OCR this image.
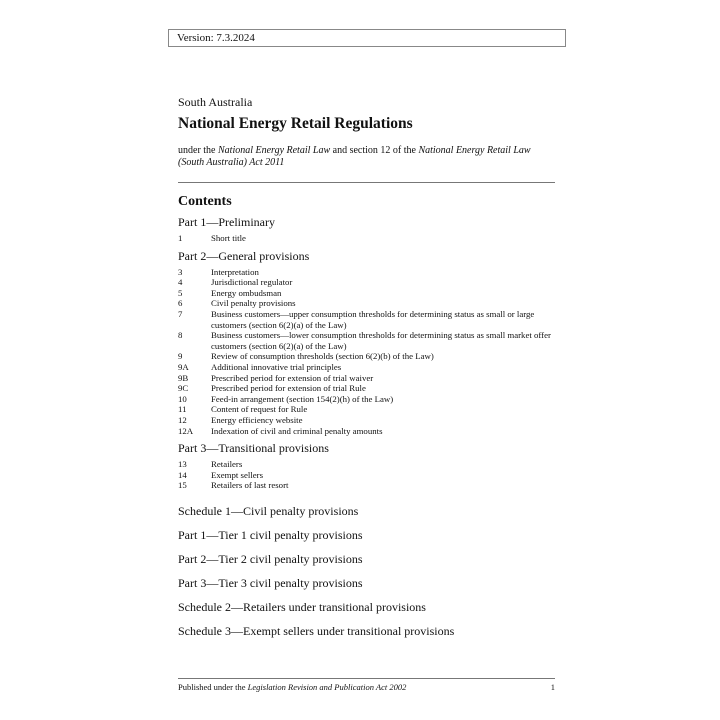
Version: 7.3.2024
South Australia
National Energy Retail Regulations
under the National Energy Retail Law and section 12 of the National Energy Retail Law (South Australia) Act 2011
Contents
Part 1—Preliminary
1	Short title
Part 2—General provisions
3	Interpretation
4	Jurisdictional regulator
5	Energy ombudsman
6	Civil penalty provisions
7	Business customers—upper consumption thresholds for determining status as small or large customers (section 6(2)(a) of the Law)
8	Business customers—lower consumption thresholds for determining status as small market offer customers (section 6(2)(a) of the Law)
9	Review of consumption thresholds (section 6(2)(b) of the Law)
9A	Additional innovative trial principles
9B	Prescribed period for extension of trial waiver
9C	Prescribed period for extension of trial Rule
10	Feed-in arrangement (section 154(2)(h) of the Law)
11	Content of request for Rule
12	Energy efficiency website
12A	Indexation of civil and criminal penalty amounts
Part 3—Transitional provisions
13	Retailers
14	Exempt sellers
15	Retailers of last resort
Schedule 1—Civil penalty provisions
Part 1—Tier 1 civil penalty provisions
Part 2—Tier 2 civil penalty provisions
Part 3—Tier 3 civil penalty provisions
Schedule 2—Retailers under transitional provisions
Schedule 3—Exempt sellers under transitional provisions
Published under the Legislation Revision and Publication Act 2002	1
